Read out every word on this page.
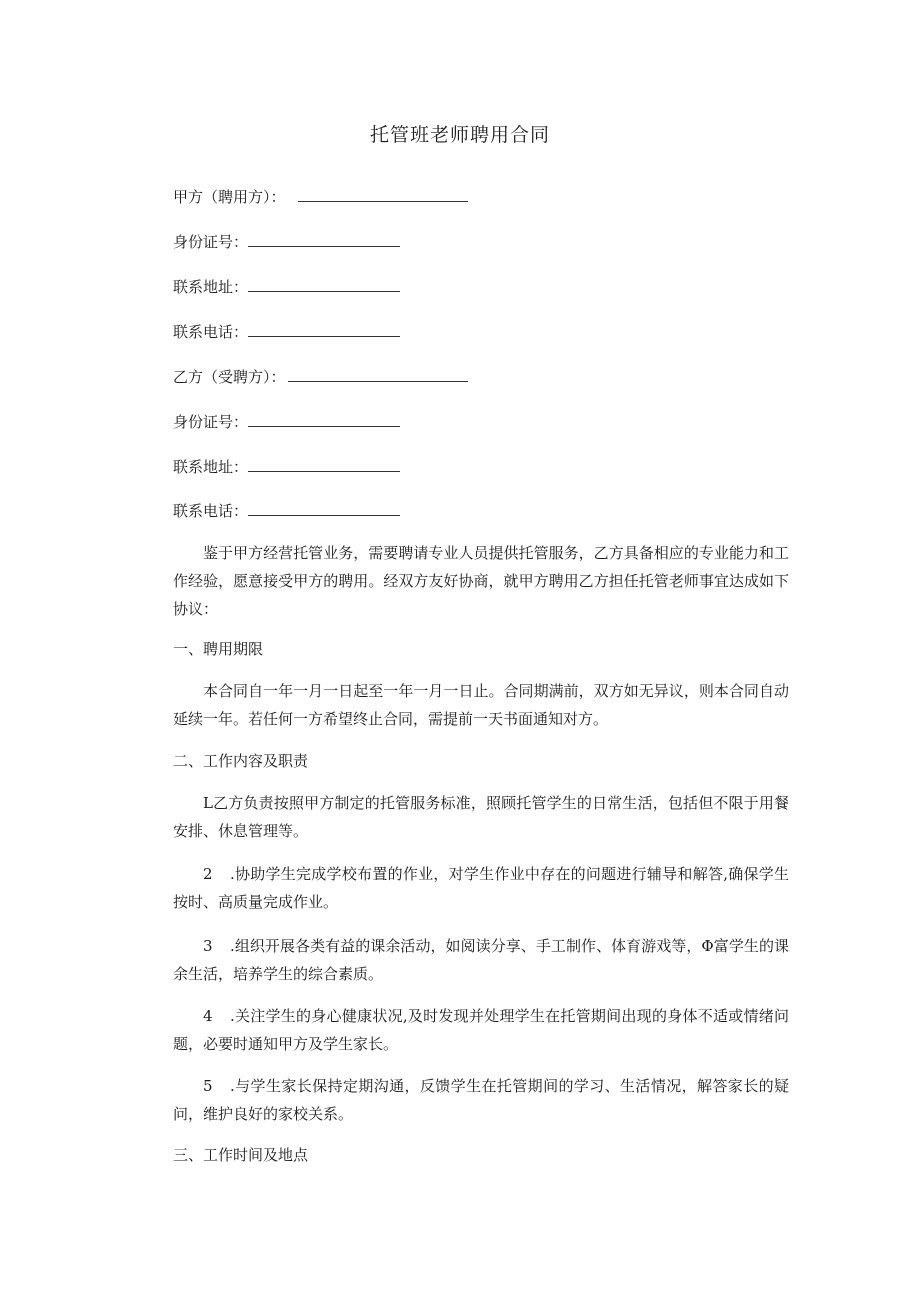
托管班老师聘用合同
甲方（聘用方）：
身份证号：
联系地址：
联系电话：
乙方（受聘方）：
身份证号：
联系地址：
联系电话：
鉴于甲方经营托管业务，需要聘请专业人员提供托管服务，乙方具备相应的专业能力和工作经验，愿意接受甲方的聘用。经双方友好协商，就甲方聘用乙方担任托管老师事宜达成如下协议：
一、聘用期限
本合同自一年一月一日起至一年一月一日止。合同期满前，双方如无异议，则本合同自动延续一年。若任何一方希望终止合同，需提前一天书面通知对方。
二、工作内容及职责
L乙方负责按照甲方制定的托管服务标准，照顾托管学生的日常生活，包括但不限于用餐安排、休息管理等。
2 .协助学生完成学校布置的作业，对学生作业中存在的问题进行辅导和解答,确保学生按时、高质量完成作业。
3 .组织开展各类有益的课余活动，如阅读分享、手工制作、体育游戏等，Φ富学生的课余生活，培养学生的综合素质。
4 .关注学生的身心健康状况,及时发现并处理学生在托管期间出现的身体不适或情绪问题，必要时通知甲方及学生家长。
5 .与学生家长保持定期沟通，反馈学生在托管期间的学习、生活情况，解答家长的疑问，维护良好的家校关系。
三、工作时间及地点
